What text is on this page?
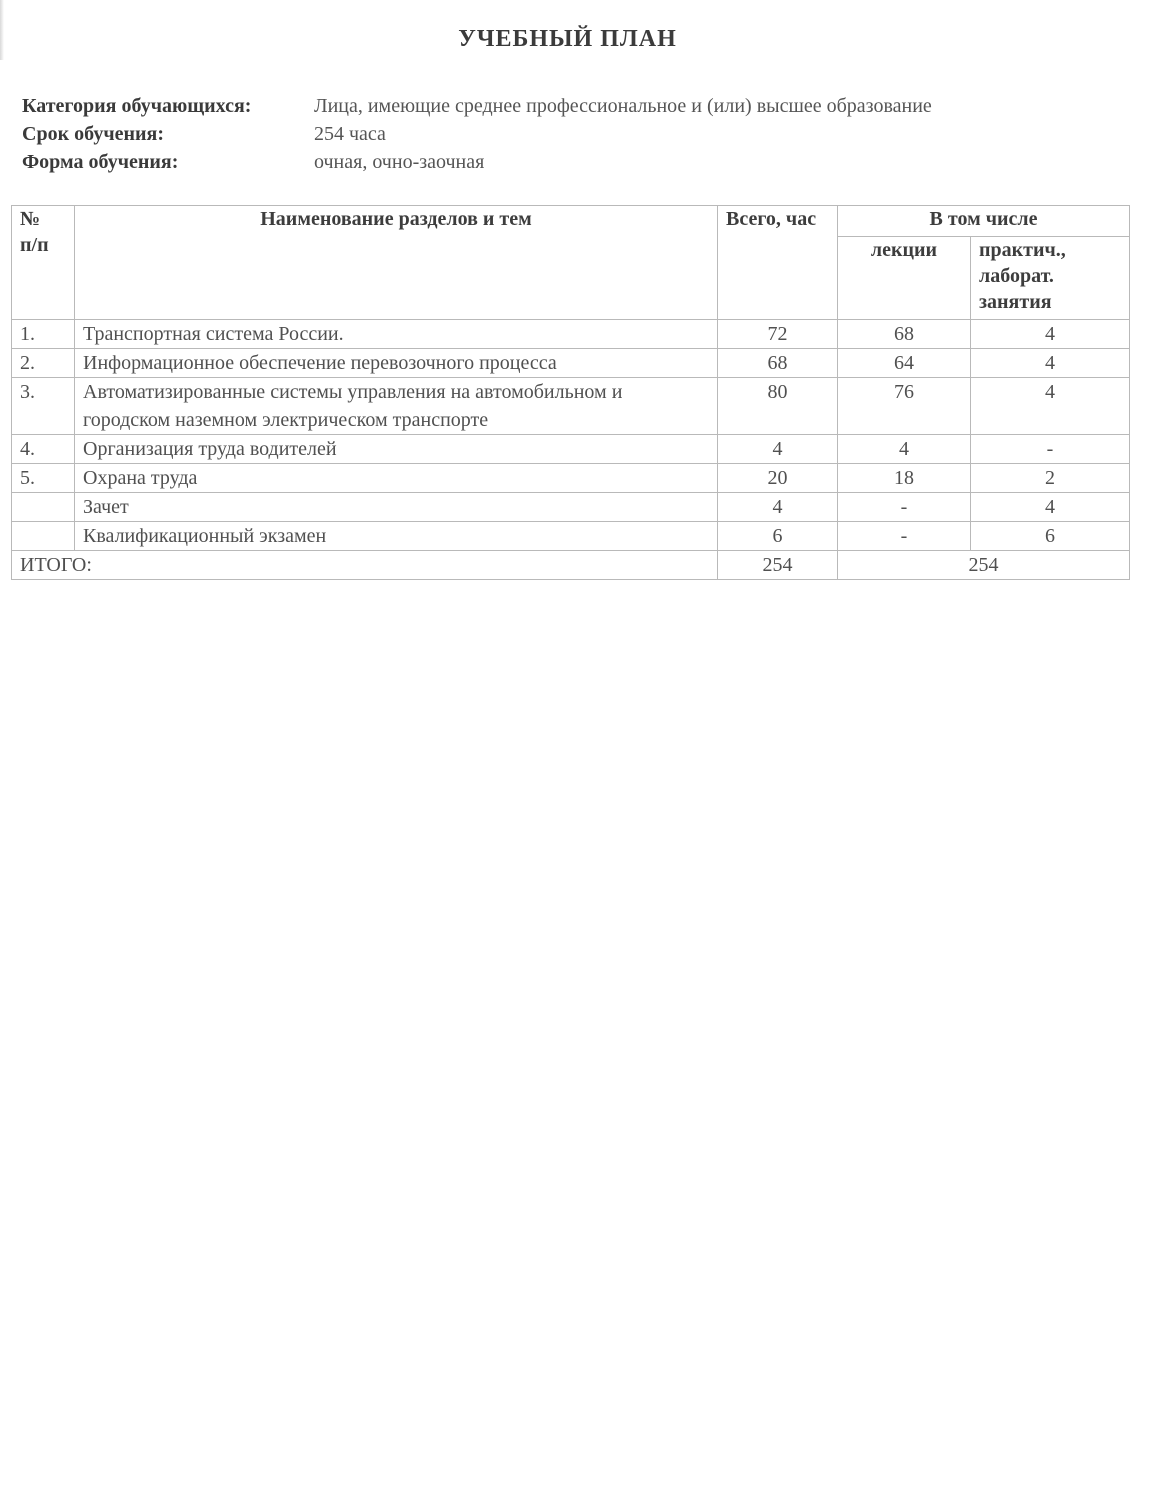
УЧЕБНЫЙ ПЛАН
Категория обучающихся:	Лица, имеющие среднее профессиональное и (или) высшее образование
Срок обучения:	254 часа
Форма обучения:	очная, очно-заочная
№ п/п	Наименование разделов и тем	Всего, час	В том числе	
			лекции	практич., лаборат. занятия
1.	Транспортная система России.	72	68	4
2.	Информационное обеспечение перевозочного процесса	68	64	4
3.	Автоматизированные системы управления на автомобильном и городском наземном электрическом транспорте	80	76	4
4.	Организация труда водителей	4	4	-
5.	Охрана труда	20	18	2
	Зачет	4	-	4
	Квалификационный экзамен	6	-	6
ИТОГО:		254	254	
